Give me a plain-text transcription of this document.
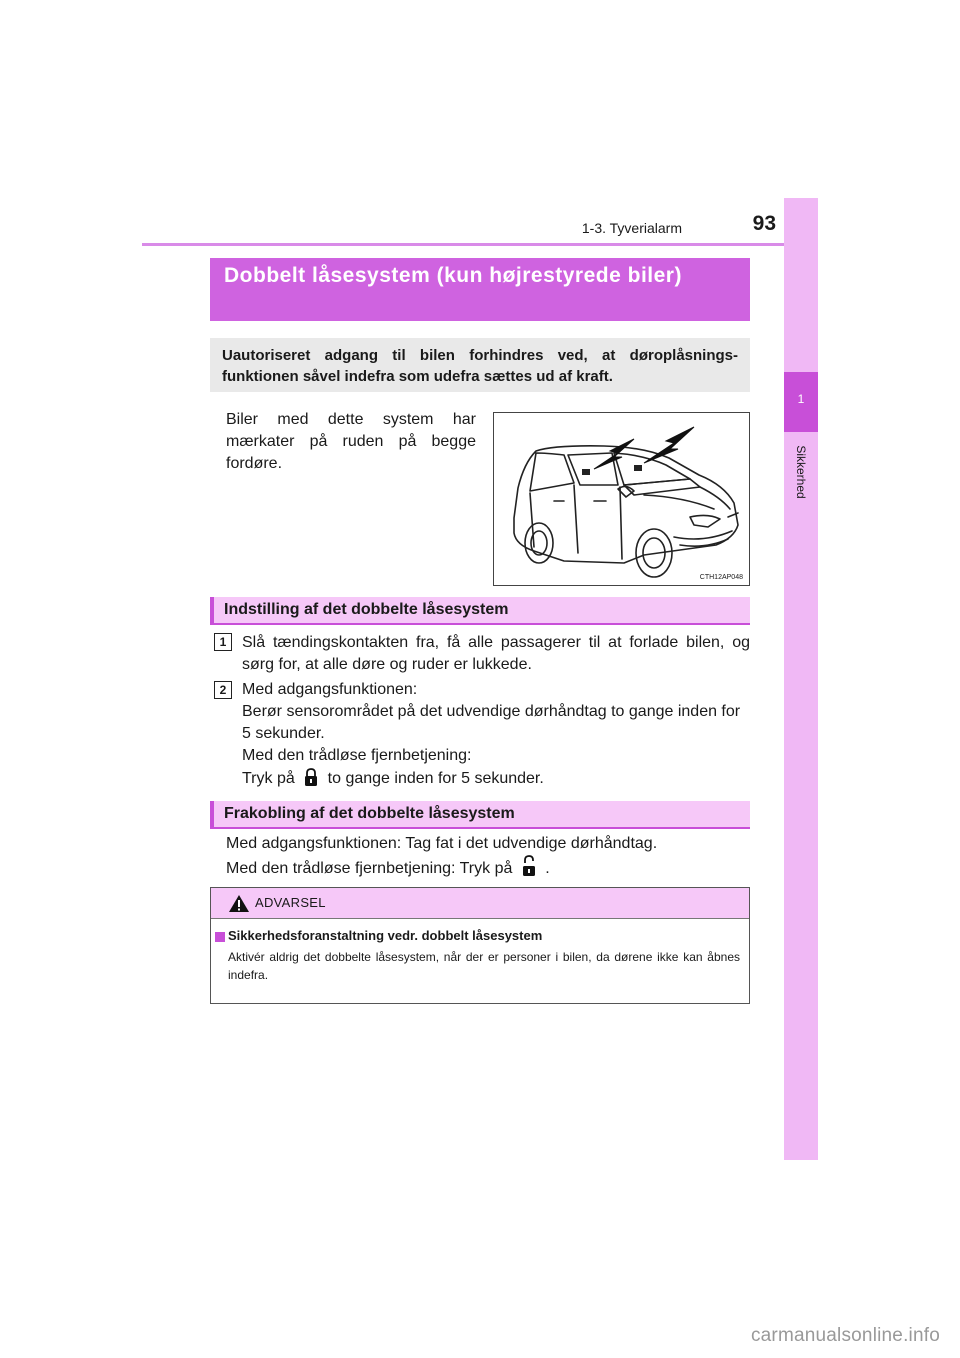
1-3. Tyverialarm	93
1
Sikkerhed
Dobbelt låsesystem (kun højrestyrede biler)
Uautoriseret adgang til bilen forhindres ved, at døroplåsnings-funktionen såvel indefra som udefra sættes ud af kraft.
Biler med dette system har mærkater på ruden på begge fordøre.
CTH12AP048
Indstilling af det dobbelte låsesystem
1 Slå tændingskontakten fra, få alle passagerer til at forlade bilen, og sørg for, at alle døre og ruder er lukkede.
2 Med adgangsfunktionen:
Berør sensorområdet på det udvendige dørhåndtag to gange inden for 5 sekunder.
Med den trådløse fjernbetjening:
Tryk på to gange inden for 5 sekunder.
Frakobling af det dobbelte låsesystem
Med adgangsfunktionen: Tag fat i det udvendige dørhåndtag.
Med den trådløse fjernbetjening: Tryk på .
ADVARSEL
Sikkerhedsforanstaltning vedr. dobbelt låsesystem
Aktivér aldrig det dobbelte låsesystem, når der er personer i bilen, da dørene ikke kan åbnes indefra.
carmanualsonline.info
